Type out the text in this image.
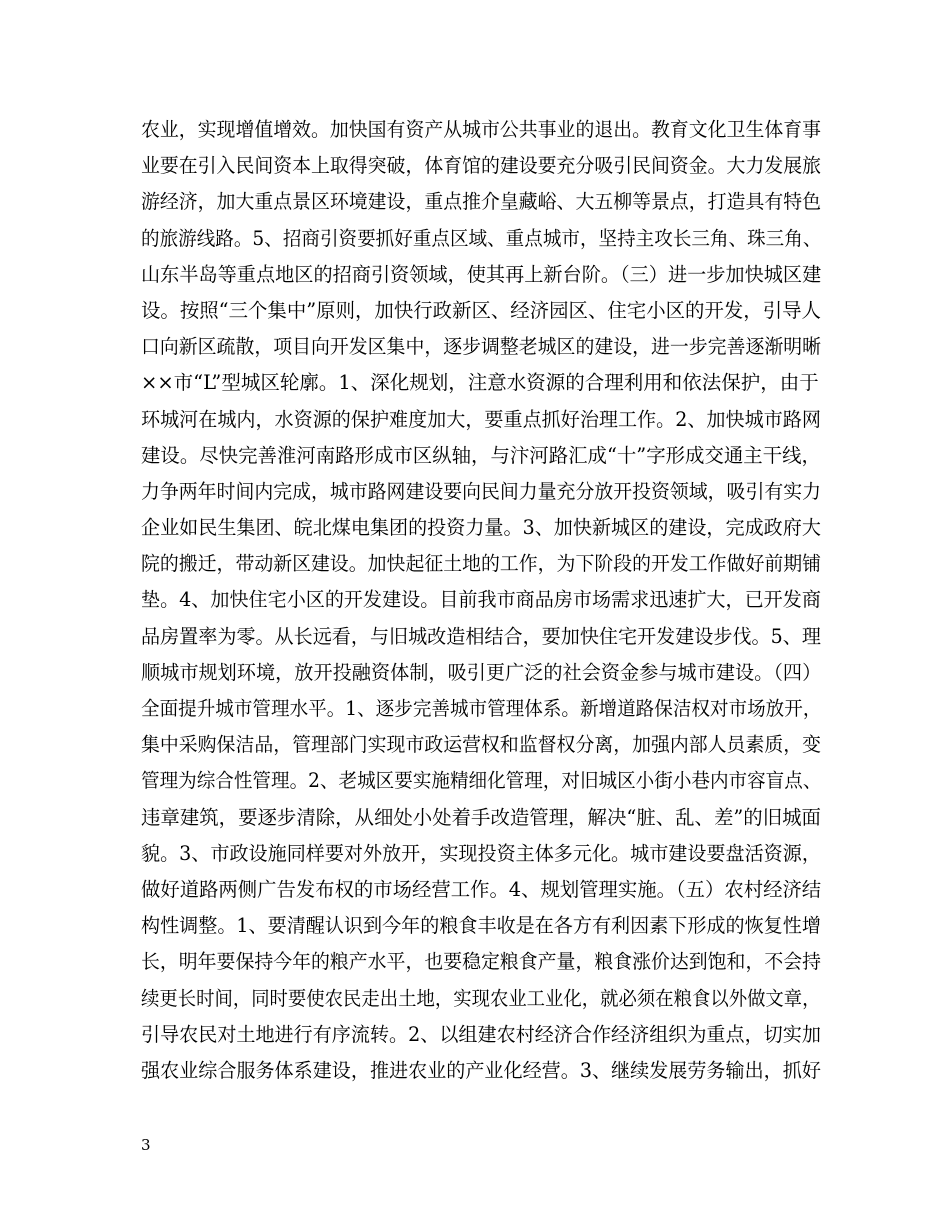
农业，实现增值增效。加快国有资产从城市公共事业的退出。教育文化卫生体育事
业要在引入民间资本上取得突破，体育馆的建设要充分吸引民间资金。大力发展旅
游经济，加大重点景区环境建设，重点推介皇藏峪、大五柳等景点，打造具有特色
的旅游线路。5、招商引资要抓好重点区域、重点城市，坚持主攻长三角、珠三角、
山东半岛等重点地区的招商引资领域，使其再上新台阶。（三）进一步加快城区建
设。按照“三个集中”原则，加快行政新区、经济园区、住宅小区的开发，引导人
口向新区疏散，项目向开发区集中，逐步调整老城区的建设，进一步完善逐渐明晰
××市“L”型城区轮廓。1、深化规划，注意水资源的合理利用和依法保护，由于
环城河在城内，水资源的保护难度加大，要重点抓好治理工作。2、加快城市路网
建设。尽快完善淮河南路形成市区纵轴，与汴河路汇成“十”字形成交通主干线，
力争两年时间内完成，城市路网建设要向民间力量充分放开投资领域，吸引有实力
企业如民生集团、皖北煤电集团的投资力量。3、加快新城区的建设，完成政府大
院的搬迁，带动新区建设。加快起征土地的工作，为下阶段的开发工作做好前期铺
垫。4、加快住宅小区的开发建设。目前我市商品房市场需求迅速扩大，已开发商
品房置率为零。从长远看，与旧城改造相结合，要加快住宅开发建设步伐。5、理
顺城市规划环境，放开投融资体制，吸引更广泛的社会资金参与城市建设。（四）
全面提升城市管理水平。1、逐步完善城市管理体系。新增道路保洁权对市场放开，
集中采购保洁品，管理部门实现市政运营权和监督权分离，加强内部人员素质，变
管理为综合性管理。2、老城区要实施精细化管理，对旧城区小街小巷内市容盲点、
违章建筑，要逐步清除，从细处小处着手改造管理，解决“脏、乱、差”的旧城面
貌。3、市政设施同样要对外放开，实现投资主体多元化。城市建设要盘活资源，
做好道路两侧广告发布权的市场经营工作。4、规划管理实施。（五）农村经济结
构性调整。1、要清醒认识到今年的粮食丰收是在各方有利因素下形成的恢复性增
长，明年要保持今年的粮产水平，也要稳定粮食产量，粮食涨价达到饱和，不会持
续更长时间，同时要使农民走出土地，实现农业工业化，就必须在粮食以外做文章，
引导农民对土地进行有序流转。2、以组建农村经济合作经济组织为重点，切实加
强农业综合服务体系建设，推进农业的产业化经营。3、继续发展劳务输出，抓好
3
